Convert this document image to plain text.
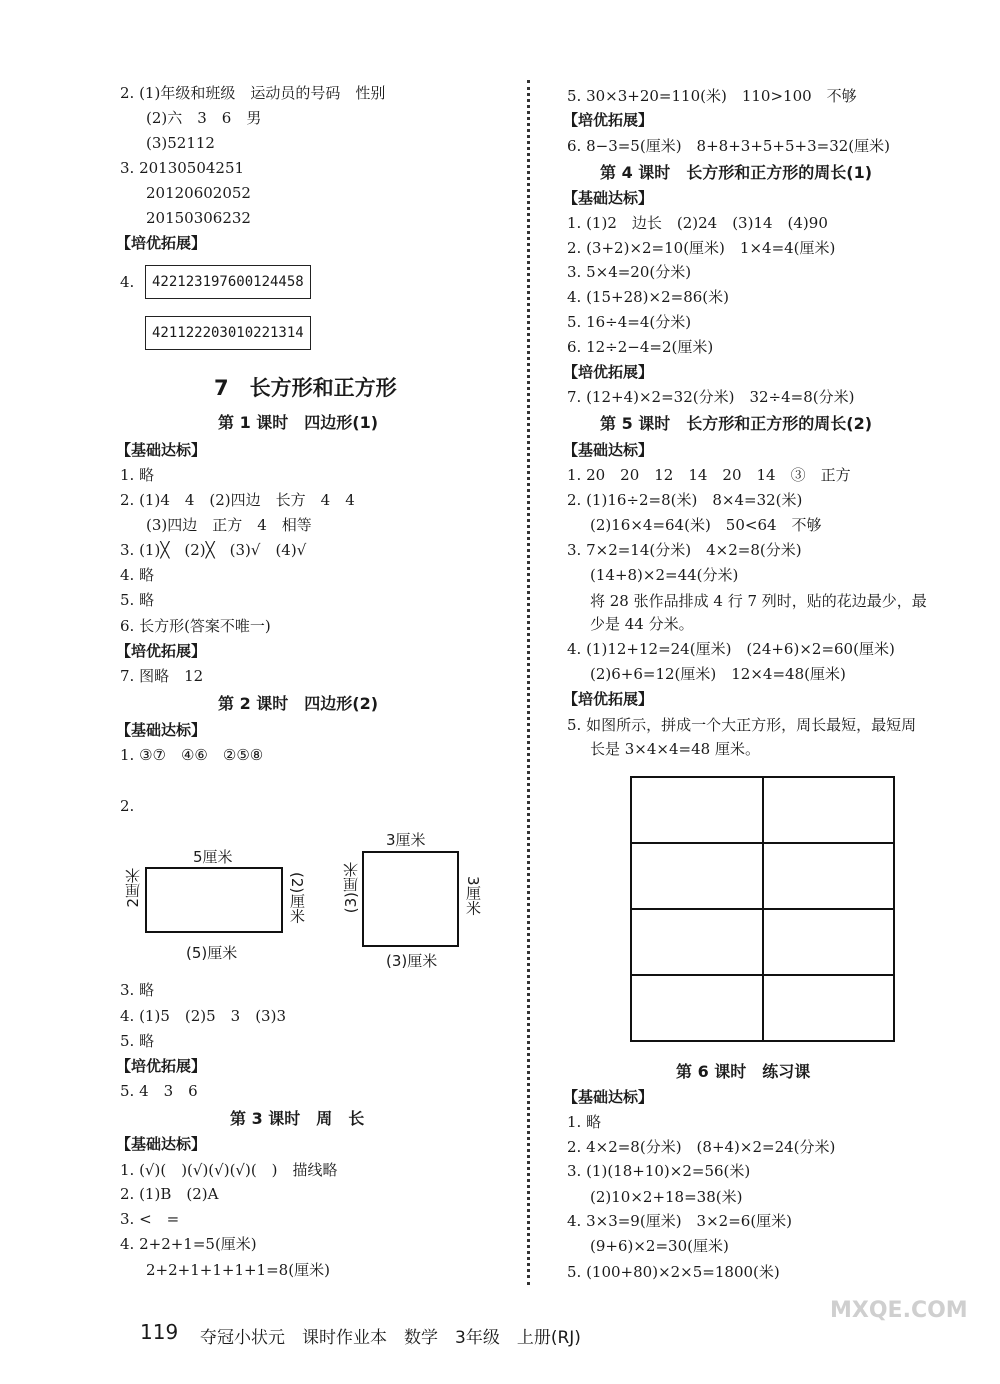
2. (1)年级和班级　运动员的号码　性别
(2)六　3　6　男
(3)52112
3. 20130504251
20120602052
20150306232
【培优拓展】
4.	422123197600124458
421122203010221314
7　长方形和正方形
第 1 课时　四边形(1)
【基础达标】
1. 略
2. (1)4　4　(2)四边　长方　4　4
(3)四边　正方　4　相等
3. (1)╳　(2)╳　(3)√　(4)√
4. 略
5. 略
6. 长方形(答案不唯一)
【培优拓展】
7. 图略　12
第 2 课时　四边形(2)
【基础达标】
1. ③⑦　④⑥　②⑤⑧
2.
5厘米
2厘米	(2)厘米
(5)厘米
3厘米
(3)厘米	3厘米
(3)厘米
3. 略
4. (1)5　(2)5　3　(3)3
5. 略
【培优拓展】
5. 4　3　6
第 3 课时　周　长
【基础达标】
1. (√)(　)(√)(√)(√)(　)　描线略
2. (1)B　(2)A
3. <　=
4. 2+2+1=5(厘米)
2+2+1+1+1+1=8(厘米)
5. 30×3+20=110(米)　110>100　不够
【培优拓展】
6. 8−3=5(厘米)　8+8+3+5+5+3=32(厘米)
第 4 课时　长方形和正方形的周长(1)
【基础达标】
1. (1)2　边长　(2)24　(3)14　(4)90
2. (3+2)×2=10(厘米)　1×4=4(厘米)
3. 5×4=20(分米)
4. (15+28)×2=86(米)
5. 16÷4=4(分米)
6. 12÷2−4=2(厘米)
【培优拓展】
7. (12+4)×2=32(分米)　32÷4=8(分米)
第 5 课时　长方形和正方形的周长(2)
【基础达标】
1. 20　20　12　14　20　14　③　正方
2. (1)16÷2=8(米)　8×4=32(米)
(2)16×4=64(米)　50<64　不够
3. 7×2=14(分米)　4×2=8(分米)
(14+8)×2=44(分米)
将 28 张作品排成 4 行 7 列时，贴的花边最少，最
少是 44 分米。
4. (1)12+12=24(厘米)　(24+6)×2=60(厘米)
(2)6+6=12(厘米)　12×4=48(厘米)
【培优拓展】
5. 如图所示，拼成一个大正方形，周长最短，最短周
长是 3×4×4=48 厘米。
第 6 课时　练习课
【基础达标】
1. 略
2. 4×2=8(分米)　(8+4)×2=24(分米)
3. (1)(18+10)×2=56(米)
(2)10×2+18=38(米)
4. 3×3=9(厘米)　3×2=6(厘米)
(9+6)×2=30(厘米)
5. (100+80)×2×5=1800(米)
119 夺冠小状元　课时作业本　数学　3年级　上册(RJ)
MXQE.COM
